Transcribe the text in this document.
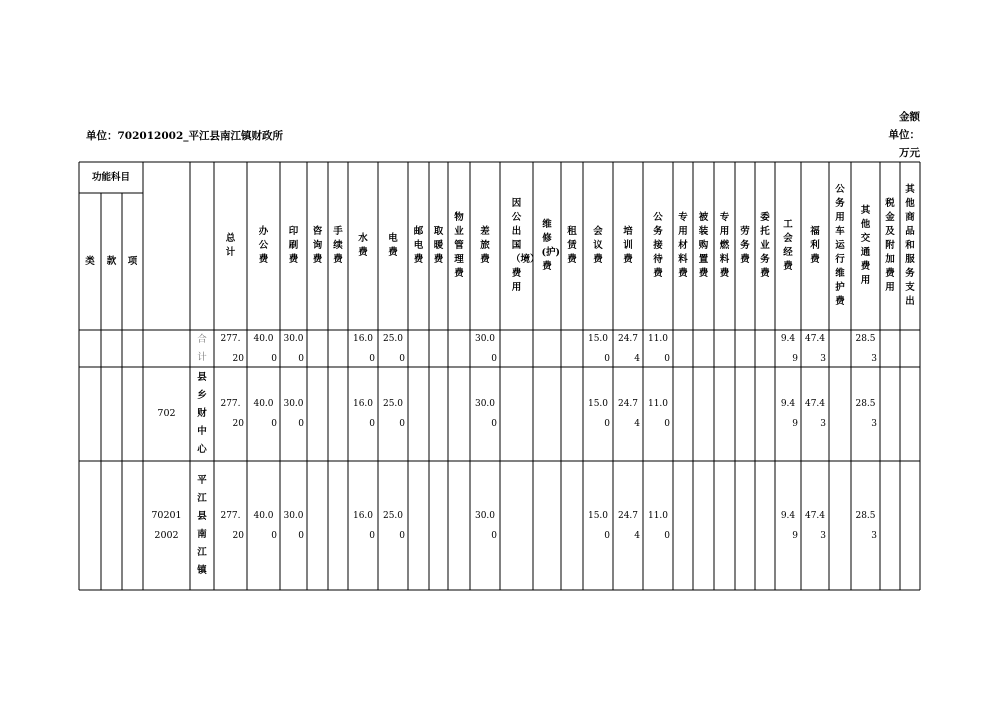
单位：702012002_平江县南江镇财政所
金额
单位：
万元
功能科目
类 款 项
总计
办公费
印刷费
咨询费
手续费
水费
电费
邮电费
取暖费
物业管理费
差旅费
因公出国（境）费用
维修(护)费
租赁费
会议费
培训费
公务接待费
专用材料费
被装购置费
专用燃料费
劳务费
委托业务费
工会经费
福利费
公务用车运行维护费
其他交通费用
税金及附加费用
其他商品和服务支出
合计
277.
20
40.0
0
30.0
0
16.0
0
25.0
0
30.0
0
15.0
0
24.7
4
11.0
0
9.4
9
47.4
3
28.5
3
702
县乡财中心
277.
20
40.0
0
30.0
0
16.0
0
25.0
0
30.0
0
15.0
0
24.7
4
11.0
0
9.4
9
47.4
3
28.5
3
702012002
平江县南江镇
277.
20
40.0
0
30.0
0
16.0
0
25.0
0
30.0
0
15.0
0
24.7
4
11.0
0
9.4
9
47.4
3
28.5
3
